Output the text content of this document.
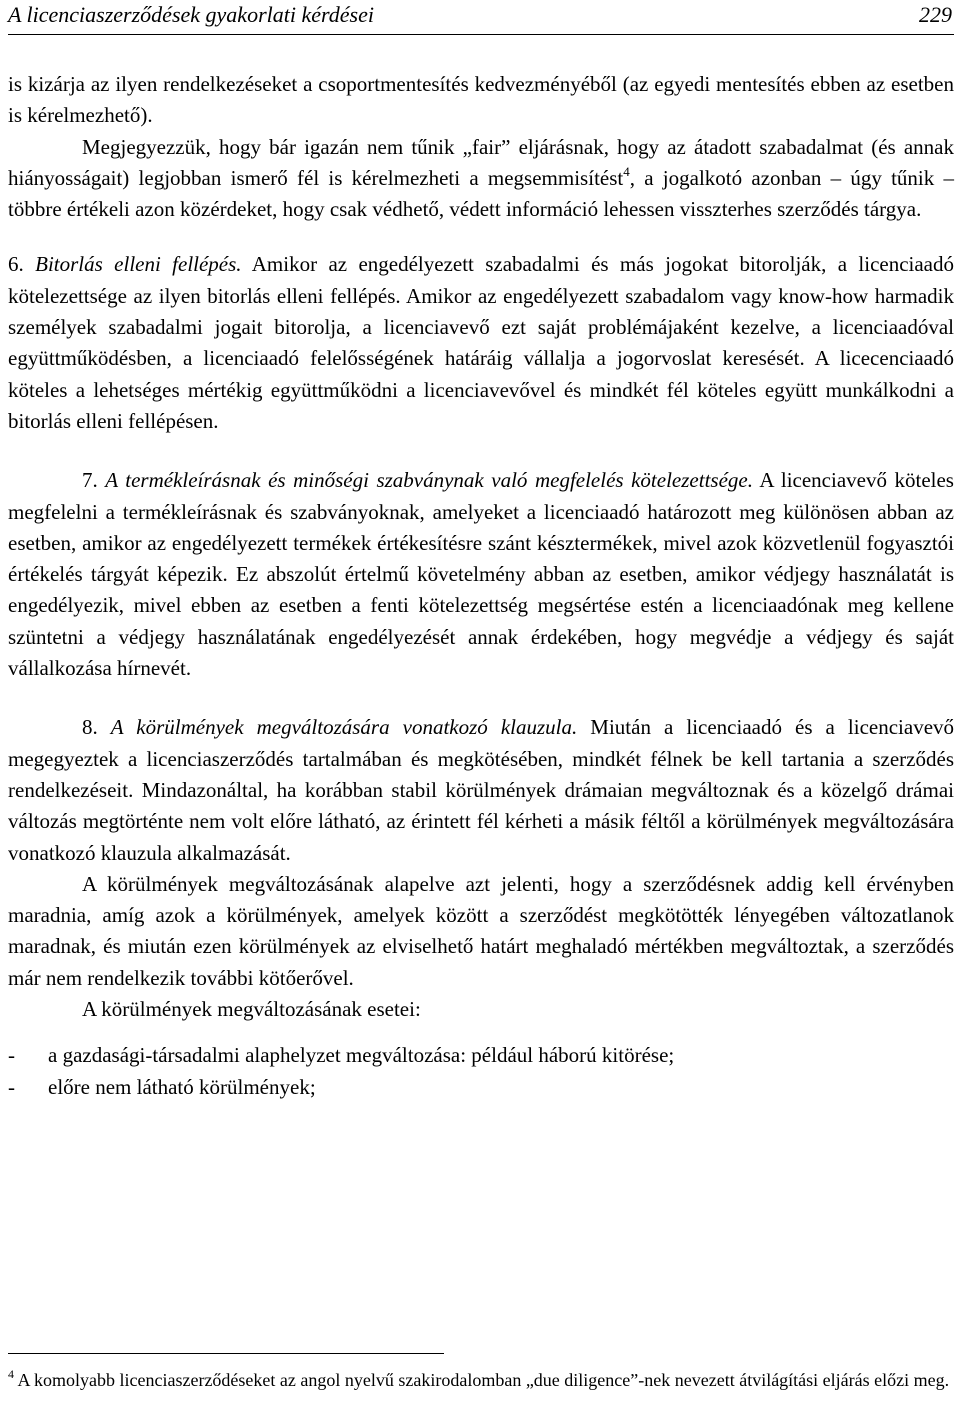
A licenciaszerződések gyakorlati kérdései	229

is kizárja az ilyen rendelkezéseket a csoportmentesítés kedvezményéből (az egyedi mentesítés ebben az esetben is kérelmezhető).

Megjegyezzük, hogy bár igazán nem tűnik „fair” eljárásnak, hogy az átadott szabadalmat (és annak hiányosságait) legjobban ismerő fél is kérelmezheti a megsemmisítést$^4$, a jogalkotó azonban – úgy tűnik – többre értékeli azon közérdeket, hogy csak védhető, védett információ lehessen visszterhes szerződés tárgya.

6. Bitorlás elleni fellépés. Amikor az engedélyezett szabadalmi és más jogokat bitorolják, a licenciaadó kötelezettsége az ilyen bitorlás elleni fellépés. Amikor az engedélyezett szabadalom vagy know-how harmadik személyek szabadalmi jogait bitorolja, a licenciavevő ezt saját problémájaként kezelve, a licenciaadóval együttműködésben, a licenciaadó felelősségének határáig vállalja a jogorvoslat keresését. A licecenciaadó köteles a lehetséges mértékig együttműködni a licenciavevővel és mindkét fél köteles együtt munkálkodni a bitorlás elleni fellépésen.

7. A termékleírásnak és minőségi szabványnak való megfelelés kötelezettsége. A licenciavevő köteles megfelelni a termékleírásnak és szabványoknak, amelyeket a licenciaadó határozott meg különösen abban az esetben, amikor az engedélyezett termékek értékesítésre szánt késztermékek, mivel azok közvetlenül fogyasztói értékelés tárgyát képezik. Ez abszolút értelmű követelmény abban az esetben, amikor védjegy használatát is engedélyezik, mivel ebben az esetben a fenti kötelezettség megsértése estén a licenciaadónak meg kellene szüntetni a védjegy használatának engedélyezését annak érdekében, hogy megvédje a védjegy és saját vállalkozása hírnevét.

8. A körülmények megváltozására vonatkozó klauzula. Miután a licenciaadó és a licenciavevő megegyeztek a licenciaszerződés tartalmában és megkötésében, mindkét félnek be kell tartania a szerződés rendelkezéseit. Mindazonáltal, ha korábban stabil körülmények drámaian megváltoznak és a közelgő drámai változás megtörténte nem volt előre látható, az érintett fél kérheti a másik féltől a körülmények megváltozására vonatkozó klauzula alkalmazását.

A körülmények megváltozásának alapelve azt jelenti, hogy a szerződésnek addig kell érvényben maradnia, amíg azok a körülmények, amelyek között a szerződést megkötötték lényegében változatlanok maradnak, és miután ezen körülmények az elviselhető határt meghaladó mértékben megváltoztak, a szerződés már nem rendelkezik további kötőerővel.

A körülmények megváltozásának esetei:

-	a gazdasági-társadalmi alaphelyzet megváltozása: például háború kitörése;
-	előre nem látható körülmények;
$^4$ A komolyabb licenciaszerződéseket az angol nyelvű szakirodalomban „due diligence”-nek nevezett átvilágítási eljárás előzi meg.
